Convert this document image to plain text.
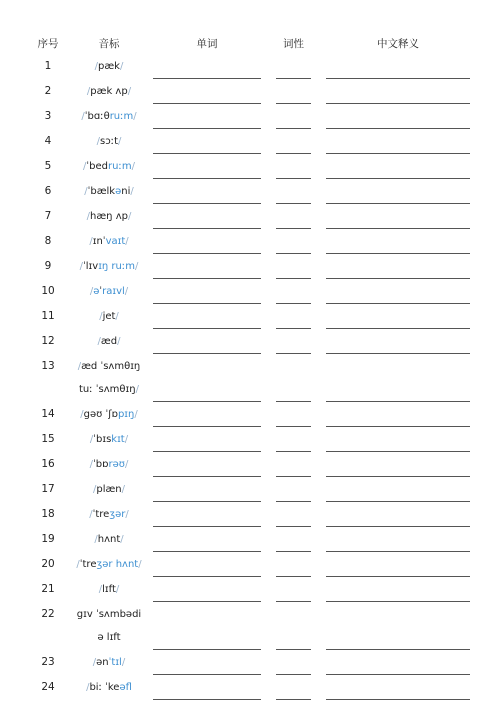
序号	音标	单词	词性	中文释义
1	/pæk/
2	/pæk ʌp/
3	/ˈbɑːθruːm/
4	/sɔːt/
5	/ˈbedruːm/
6	/ˈbælkəni/
7	/hæŋ ʌp/
8	/ɪnˈvaɪt/
9	/ˈlɪvɪŋ ruːm/
10	/əˈraɪvl/
11	/jet/
12	/æd/
13	/æd ˈsʌmθɪŋ
tuː ˈsʌmθɪŋ/
14	/gəʊ ˈʃɒpɪŋ/
15	/ˈbɪskɪt/
16	/ˈbɒrəʊ/
17	/plæn/
18	/ˈtreʒər/
19	/hʌnt/
20	/ˈtreʒər hʌnt/
21	/lɪft/
22	gɪv ˈsʌmbədi
ə lɪft
23	/ənˈtɪl/
24	/biː ˈkeəfl
